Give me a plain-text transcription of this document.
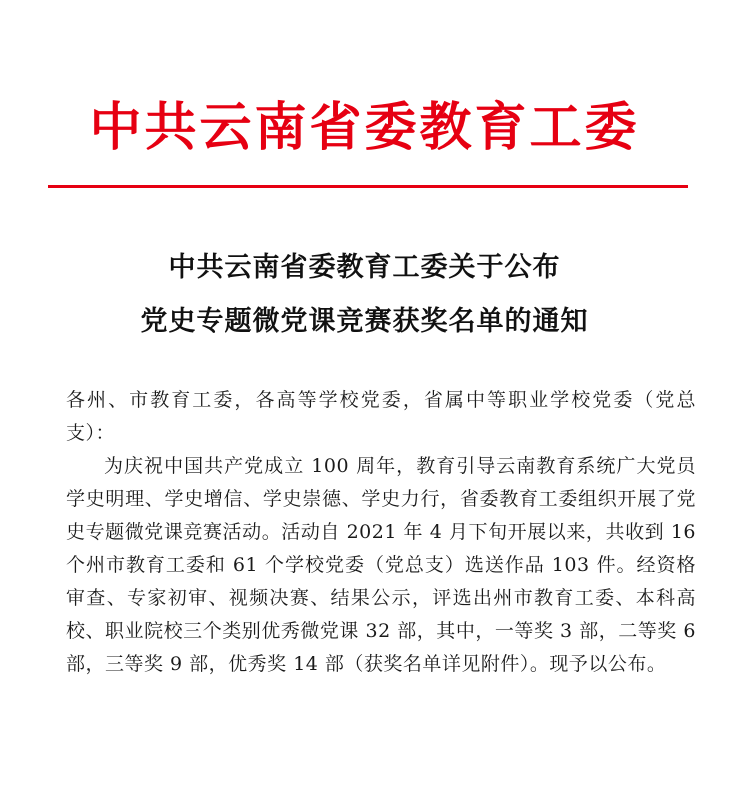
中共云南省委教育工委
中共云南省委教育工委关于公布
党史专题微党课竞赛获奖名单的通知

各州、市教育工委，各高等学校党委，省属中等职业学校党委（党总支）：

为庆祝中国共产党成立 100 周年，教育引导云南教育系统广大党员学史明理、学史增信、学史崇德、学史力行，省委教育工委组织开展了党史专题微党课竞赛活动。活动自 2021 年 4 月下旬开展以来，共收到 16 个州市教育工委和 61 个学校党委（党总支）选送作品 103 件。经资格审查、专家初审、视频决赛、结果公示，评选出州市教育工委、本科高校、职业院校三个类别优秀微党课 32 部，其中，一等奖 3 部，二等奖 6 部，三等奖 9 部，优秀奖 14 部（获奖名单详见附件）。现予以公布。
